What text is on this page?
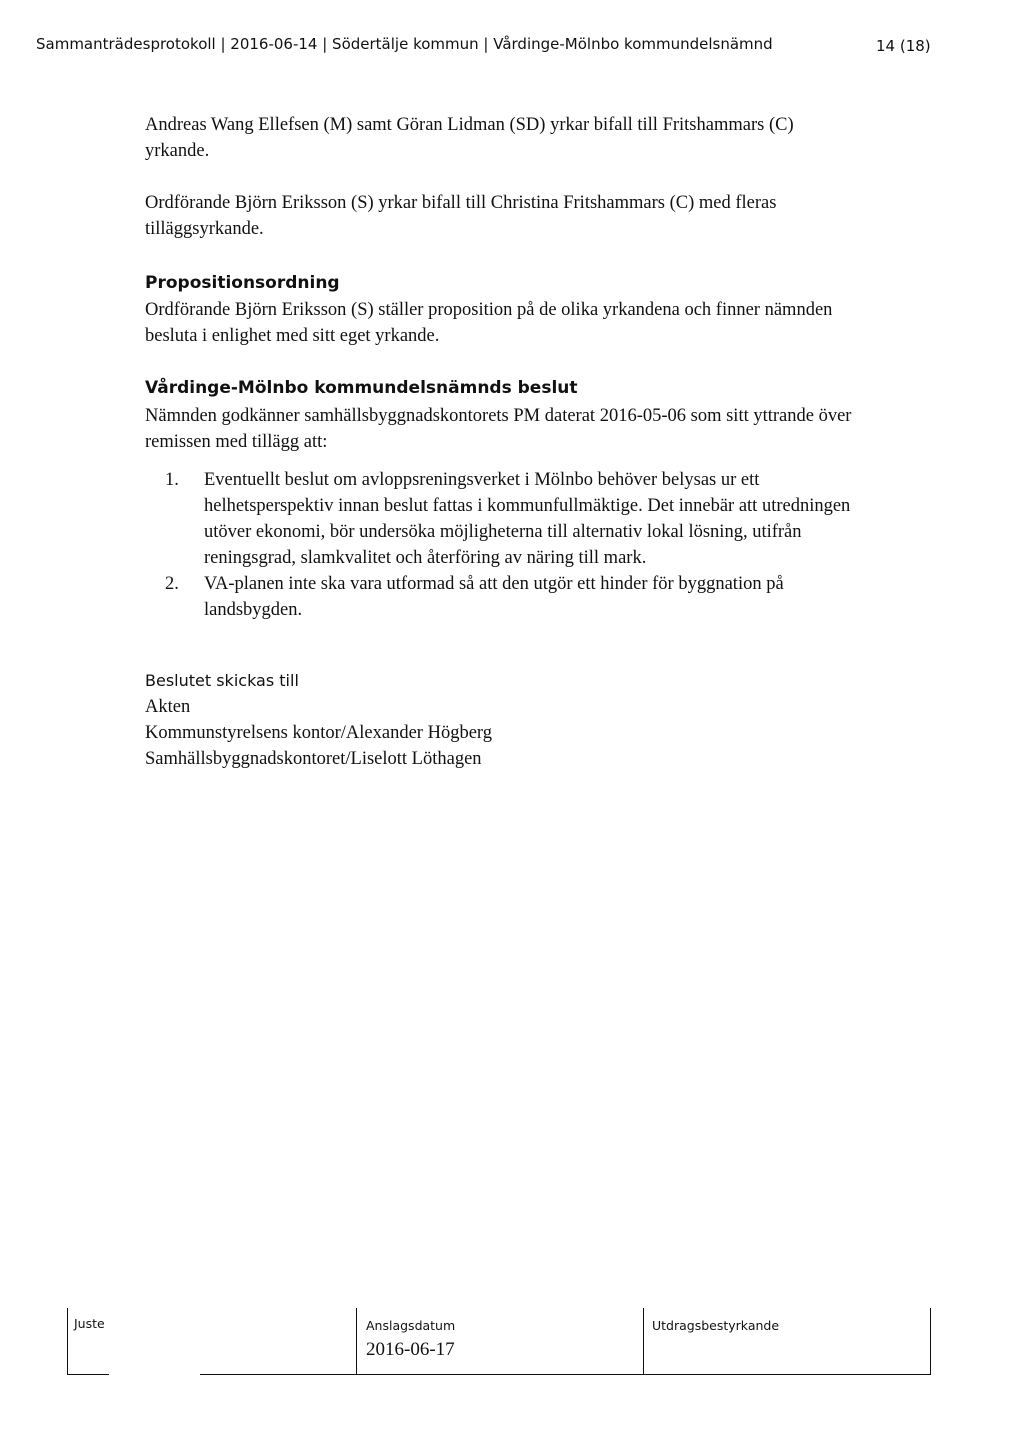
Sammanträdesprotokoll | 2016-06-14 | Södertälje kommun | Vårdinge-Mölnbo kommundelsnämnd	14 (18)
Andreas Wang Ellefsen (M) samt Göran Lidman (SD) yrkar bifall till Fritshammars (C)
yrkande.
Ordförande Björn Eriksson (S) yrkar bifall till Christina Fritshammars (C) med fleras
tilläggsyrkande.
Propositionsordning
Ordförande Björn Eriksson (S) ställer proposition på de olika yrkandena och finner nämnden
besluta i enlighet med sitt eget yrkande.
Vårdinge-Mölnbo kommundelsnämnds beslut
Nämnden godkänner samhällsbyggnadskontorets PM daterat 2016-05-06 som sitt yttrande över
remissen med tillägg att:
1.	Eventuellt beslut om avloppsreningsverket i Mölnbo behöver belysas ur ett
helhetsperspektiv innan beslut fattas i kommunfullmäktige. Det innebär att utredningen
utöver ekonomi, bör undersöka möjligheterna till alternativ lokal lösning, utifrån
reningsgrad, slamkvalitet och återföring av näring till mark.
2.	VA-planen inte ska vara utformad så att den utgör ett hinder för byggnation på
landsbygden.
Beslutet skickas till
Akten
Kommunstyrelsens kontor/Alexander Högberg
Samhällsbyggnadskontoret/Liselott Löthagen
Juste	Anslagsdatum
2016-06-17
Utdragsbestyrkande
